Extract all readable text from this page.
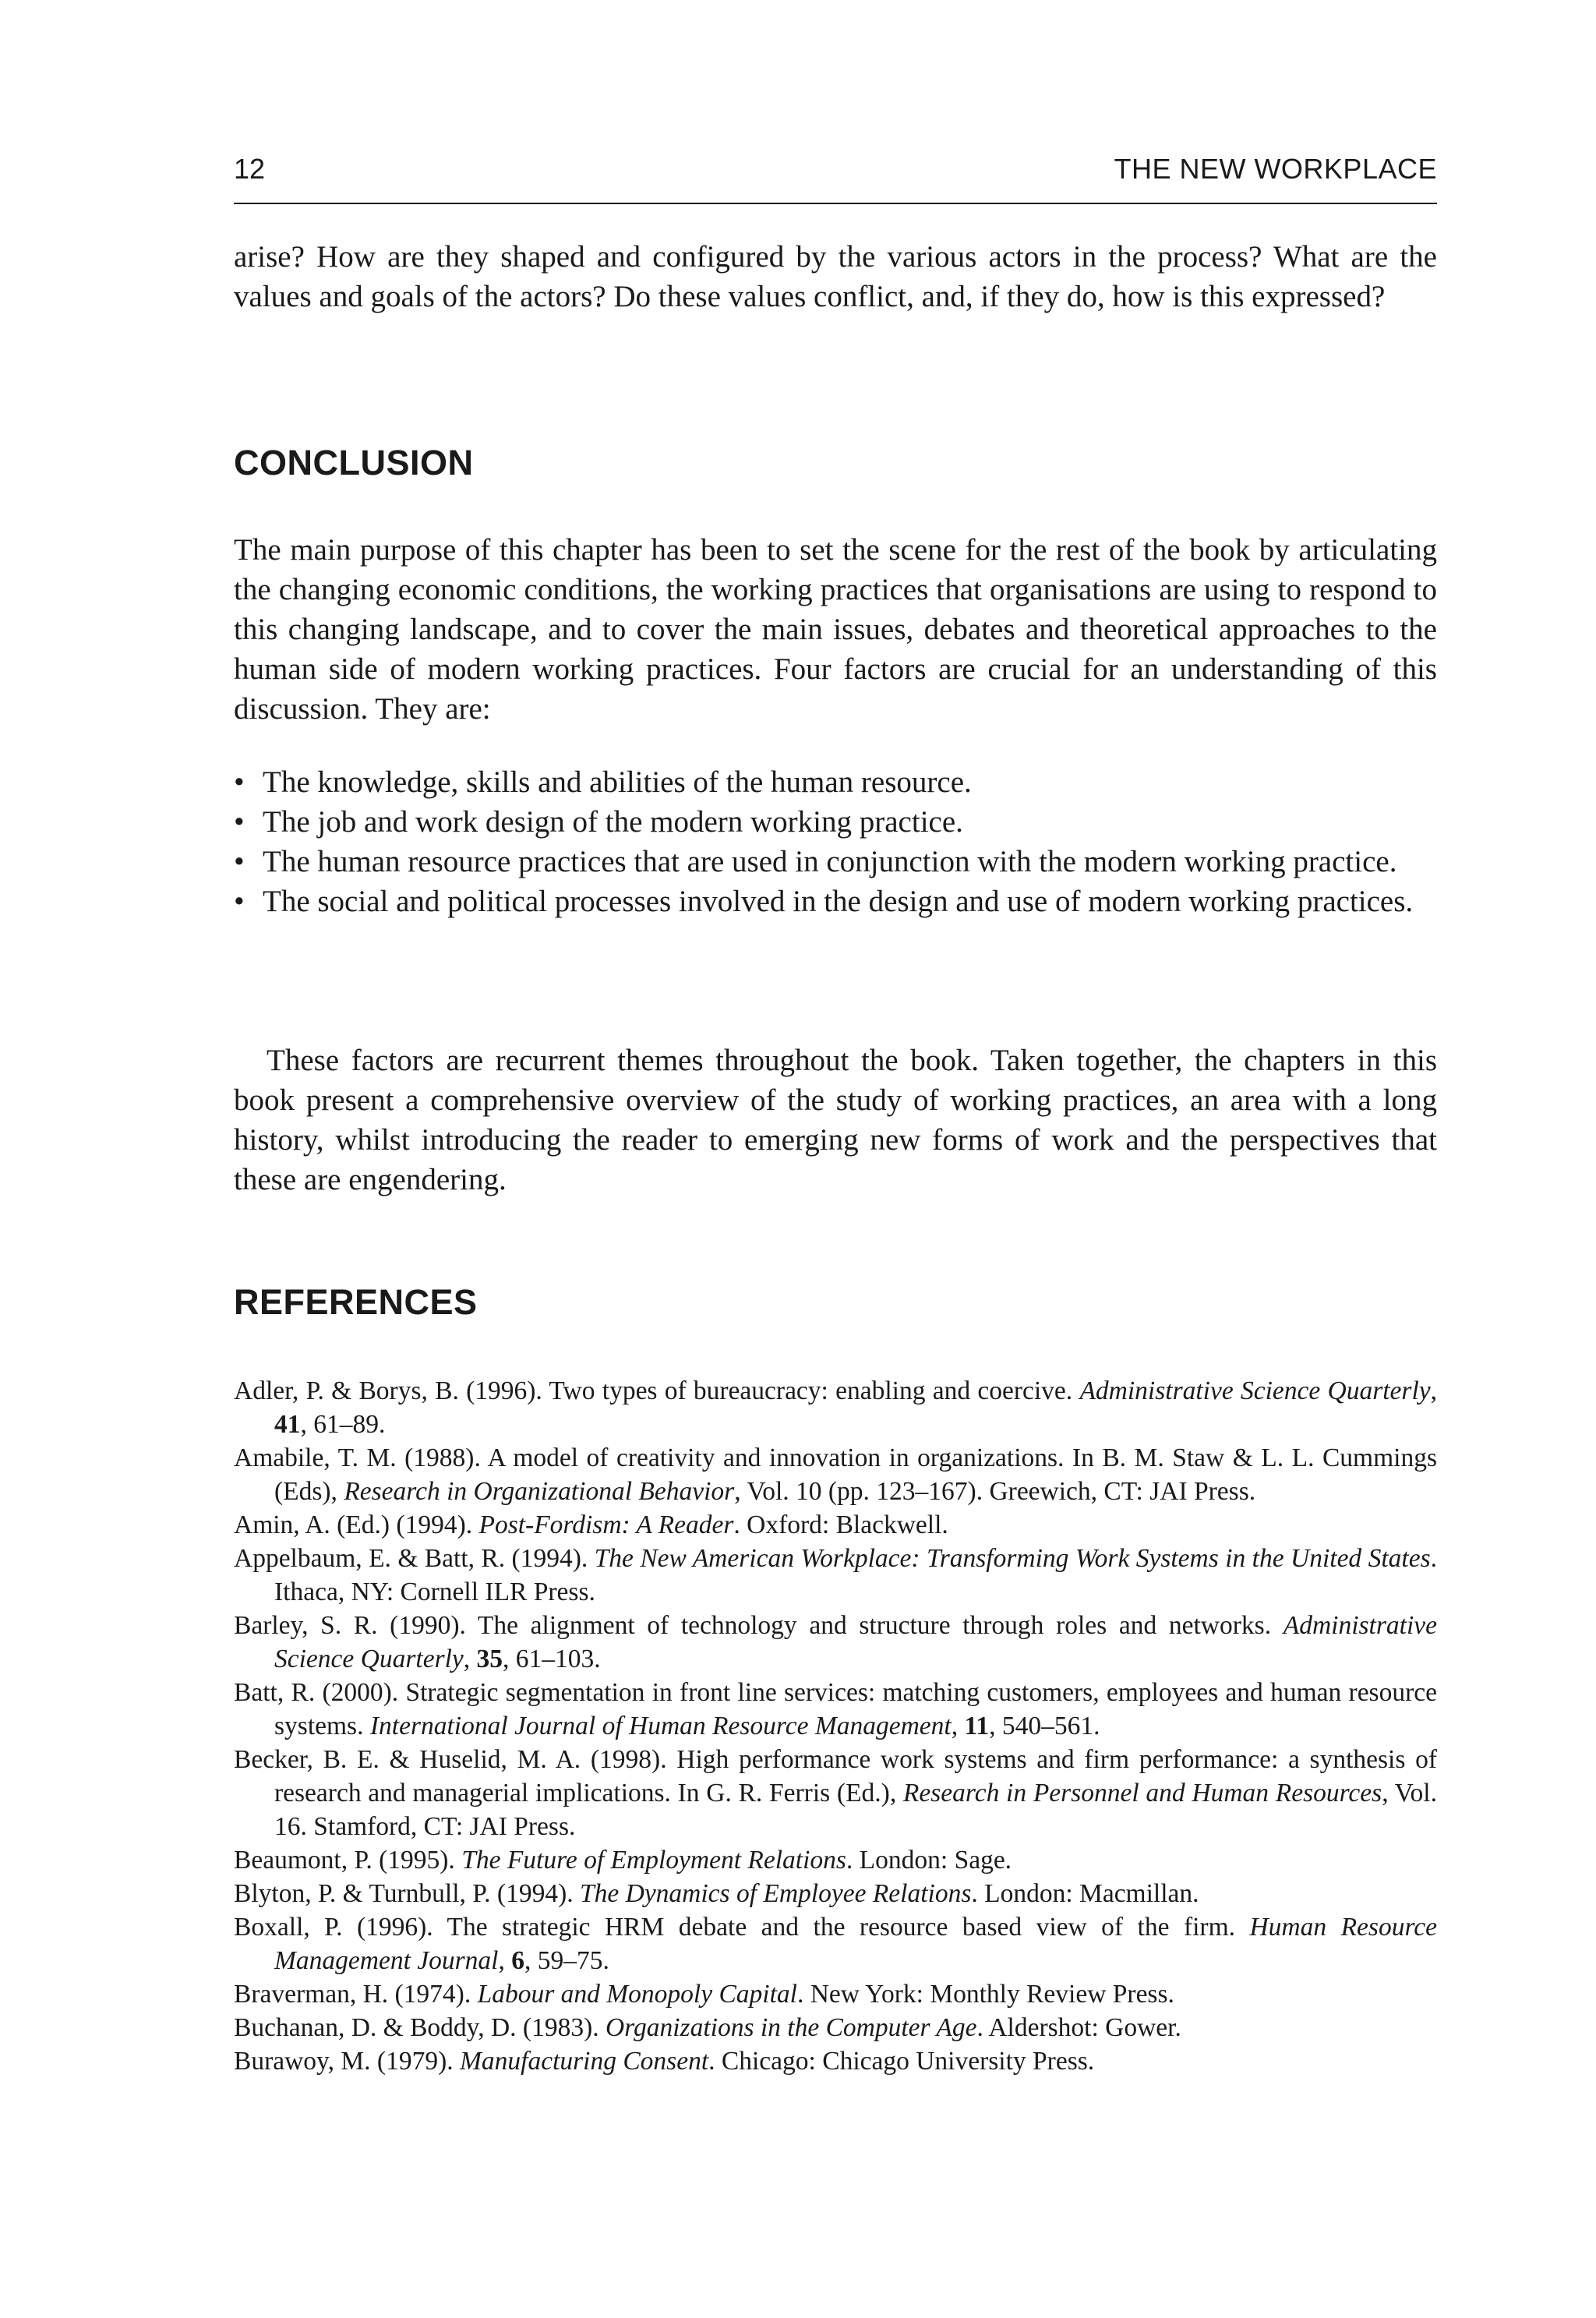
12	THE NEW WORKPLACE

arise? How are they shaped and configured by the various actors in the process? What are the values and goals of the actors? Do these values conflict, and, if they do, how is this expressed?

CONCLUSION

The main purpose of this chapter has been to set the scene for the rest of the book by articulating the changing economic conditions, the working practices that organisations are using to respond to this changing landscape, and to cover the main issues, debates and theoretical approaches to the human side of modern working practices. Four factors are crucial for an understanding of this discussion. They are:

• The knowledge, skills and abilities of the human resource.
• The job and work design of the modern working practice.
• The human resource practices that are used in conjunction with the modern working practice.
• The social and political processes involved in the design and use of modern working practices.

These factors are recurrent themes throughout the book. Taken together, the chapters in this book present a comprehensive overview of the study of working practices, an area with a long history, whilst introducing the reader to emerging new forms of work and the perspectives that these are engendering.

REFERENCES
Adler, P. & Borys, B. (1996). Two types of bureaucracy: enabling and coercive. Administrative Science Quarterly, 41, 61–89.
Amabile, T. M. (1988). A model of creativity and innovation in organizations. In B. M. Staw & L. L. Cummings (Eds), Research in Organizational Behavior, Vol. 10 (pp. 123–167). Greewich, CT: JAI Press.
Amin, A. (Ed.) (1994). Post-Fordism: A Reader. Oxford: Blackwell.
Appelbaum, E. & Batt, R. (1994). The New American Workplace: Transforming Work Systems in the United States. Ithaca, NY: Cornell ILR Press.
Barley, S. R. (1990). The alignment of technology and structure through roles and networks. Administrative Science Quarterly, 35, 61–103.
Batt, R. (2000). Strategic segmentation in front line services: matching customers, employees and human resource systems. International Journal of Human Resource Management, 11, 540–561.
Becker, B. E. & Huselid, M. A. (1998). High performance work systems and firm performance: a synthesis of research and managerial implications. In G. R. Ferris (Ed.), Research in Personnel and Human Resources, Vol. 16. Stamford, CT: JAI Press.
Beaumont, P. (1995). The Future of Employment Relations. London: Sage.
Blyton, P. & Turnbull, P. (1994). The Dynamics of Employee Relations. London: Macmillan.
Boxall, P. (1996). The strategic HRM debate and the resource based view of the firm. Human Resource Management Journal, 6, 59–75.
Braverman, H. (1974). Labour and Monopoly Capital. New York: Monthly Review Press.
Buchanan, D. & Boddy, D. (1983). Organizations in the Computer Age. Aldershot: Gower.
Burawoy, M. (1979). Manufacturing Consent. Chicago: Chicago University Press.
